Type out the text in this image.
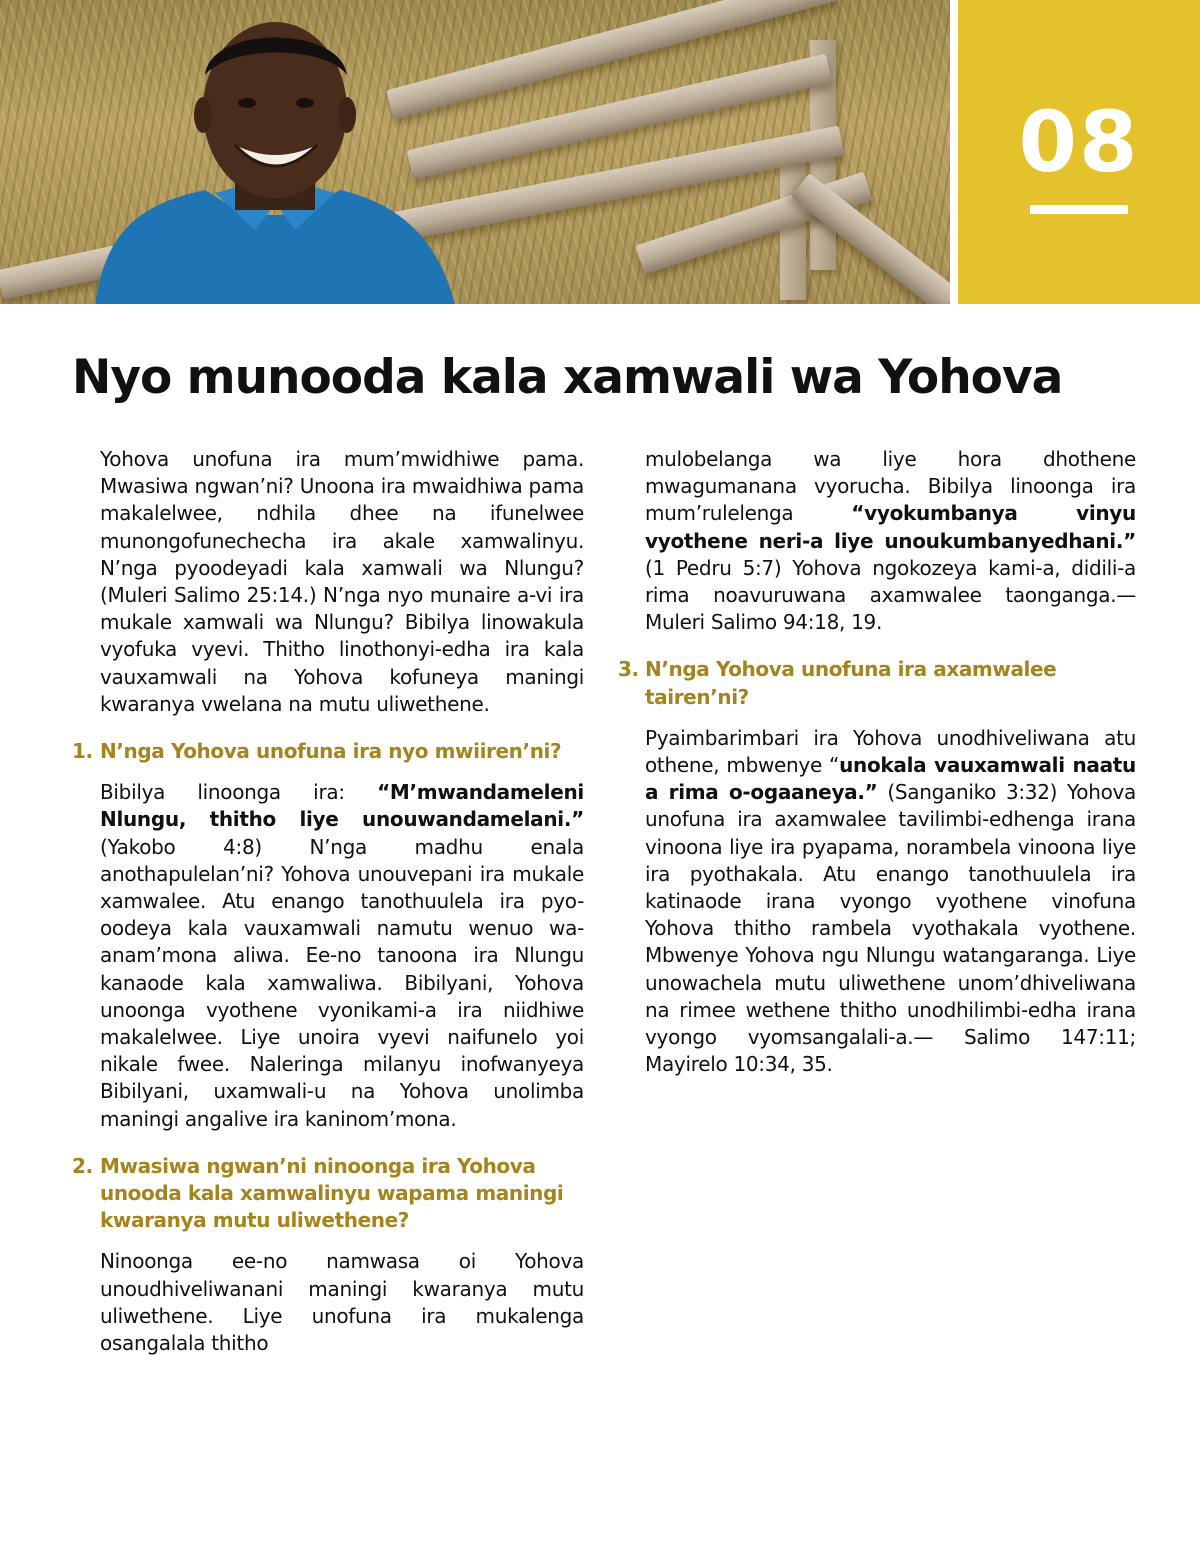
08
Nyo munooda kala xamwali wa Yohova

Yohova unofuna ira mum’mwidhiwe pama. Mwasiwa ngwan’ni? Unoona ira mwaidhiwa pama makalelwee, ndhila dhee na ifunelwee munongofunechecha ira akale xamwalinyu. N’nga pyoodeyadi kala xamwali wa Nlungu? (Muleri Salimo 25:14.) N’nga nyo munaire a-vi ira mukale xamwali wa Nlungu? Bibilya linowakula vyofuka vyevi. Thitho linothonyi-edha ira kala vauxamwali na Yohova kofuneya maningi kwaranya vwelana na mutu uliwethene.

1. N’nga Yohova unofuna ira nyo mwiiren’ni?

Bibilya linoonga ira: “M’mwandameleni Nlungu, thitho liye unouwandamelani.” (Yakobo 4:8) N’nga madhu enala anothapulelan’ni? Yohova unouvepani ira mukale xamwalee. Atu enango tanothuulela ira pyo-oodeya kala vauxamwali namutu wenuo wa-anam’mona aliwa. Ee-no tanoona ira Nlungu kanaode kala xamwaliwa. Bibilyani, Yohova unoonga vyothene vyonikami-a ira niidhiwe makalelwee. Liye unoira vyevi naifunelo yoi nikale fwee. Naleringa milanyu inofwanyeya Bibilyani, uxamwali-u na Yohova unolimba maningi angalive ira kaninom’mona.

2. Mwasiwa ngwan’ni ninoonga ira Yohova unooda kala xamwalinyu wapama maningi kwaranya mutu uliwethene?

Ninoonga ee-no namwasa oi Yohova unoudhiveliwanani maningi kwaranya mutu uliwethene. Liye unofuna ira mukalenga osangalala thitho

mulobelanga wa liye hora dhothene mwagumanana vyorucha. Bibilya linoonga ira mum’rulelenga “vyokumbanya vinyu vyothene neri-a liye unoukumbanyedhani.” (1 Pedru 5:7) Yohova ngokozeya kami-a, didili-a rima noavuruwana axamwalee taonganga.— Muleri Salimo 94:18, 19.

3. N’nga Yohova unofuna ira axamwalee tairen’ni?

Pyaimbarimbari ira Yohova unodhiveliwana atu othene, mbwenye “unokala vauxamwali naatu a rima o-ogaaneya.” (Sanganiko 3:32) Yohova unofuna ira axamwalee tavilimbi-edhenga irana vinoona liye ira pyapama, norambela vinoona liye ira pyothakala. Atu enango tanothuulela ira katinaode irana vyongo vyothene vinofuna Yohova thitho rambela vyothakala vyothene. Mbwenye Yohova ngu Nlungu watangaranga. Liye unowachela mutu uliwethene unom’dhiveliwana na rimee wethene thitho unodhilimbi-edha irana vyongo vyomsangalali-a.— Salimo 147:11; Mayirelo 10:34, 35.
